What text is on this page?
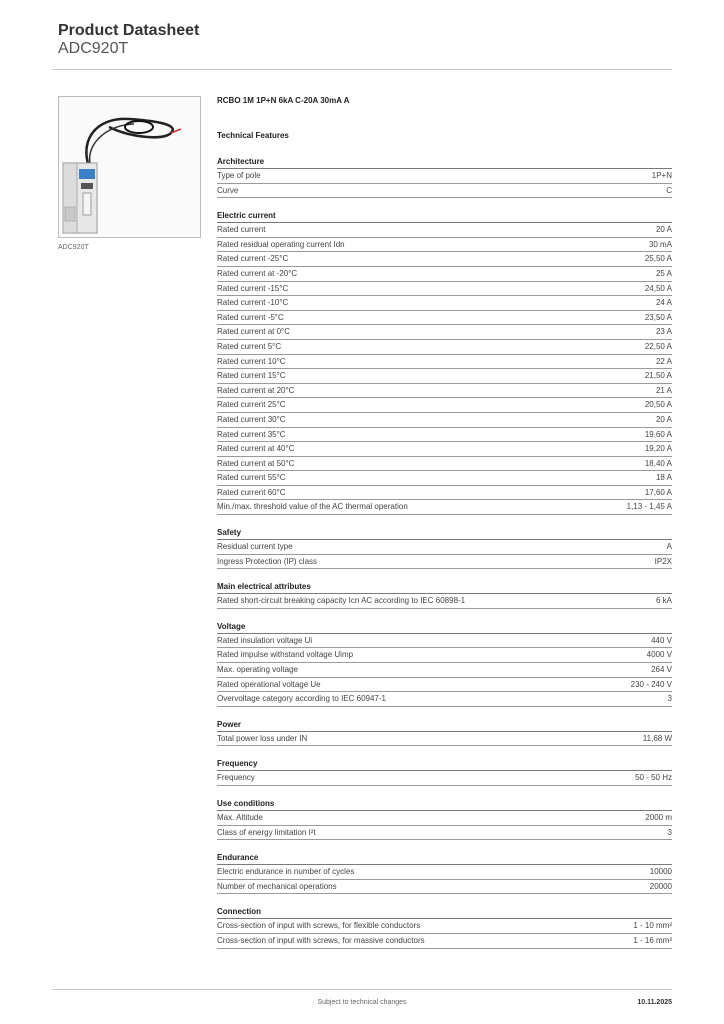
Product Datasheet
ADC920T
ADC920T
RCBO 1M 1P+N 6kA C-20A 30mA A
Technical Features
Architecture
Type of pole	1P+N
Curve	C
Electric current
Rated current	20 A
Rated residual operating current Idn	30 mA
Rated current -25°C	25,50 A
Rated current at -20°C	25 A
Rated current -15°C	24,50 A
Rated current -10°C	24 A
Rated current -5°C	23,50 A
Rated current at 0°C	23 A
Rated current 5°C	22,50 A
Rated current 10°C	22 A
Rated current 15°C	21,50 A
Rated current at 20°C	21 A
Rated current 25°C	20,50 A
Rated current 30°C	20 A
Rated current 35°C	19,60 A
Rated current at 40°C	19,20 A
Rated current at 50°C	18,40 A
Rated current 55°C	18 A
Rated current 60°C	17,60 A
Min./max. threshold value of the AC thermal operation	1,13 - 1,45 A
Safety
Residual current type	A
Ingress Protection (IP) class	IP2X
Main electrical attributes
Rated short-circuit breaking capacity Icn AC according to IEC 60898-1	6 kA
Voltage
Rated insulation voltage Ui	440 V
Rated impulse withstand voltage Uimp	4000 V
Max. operating voltage	264 V
Rated operational voltage Ue	230 - 240 V
Overvoltage category according to IEC 60947-1	3
Power
Total power loss under IN	11,68 W
Frequency
Frequency	50 - 50 Hz
Use conditions
Max. Altitude	2000 m
Class of energy limitation I²t	3
Endurance
Electric endurance in number of cycles	10000
Number of mechanical operations	20000
Connection
Cross-section of input with screws, for flexible conductors	1 - 10 mm²
Cross-section of input with screws, for massive conductors	1 - 16 mm²
Subject to technical changes	10.11.2025
